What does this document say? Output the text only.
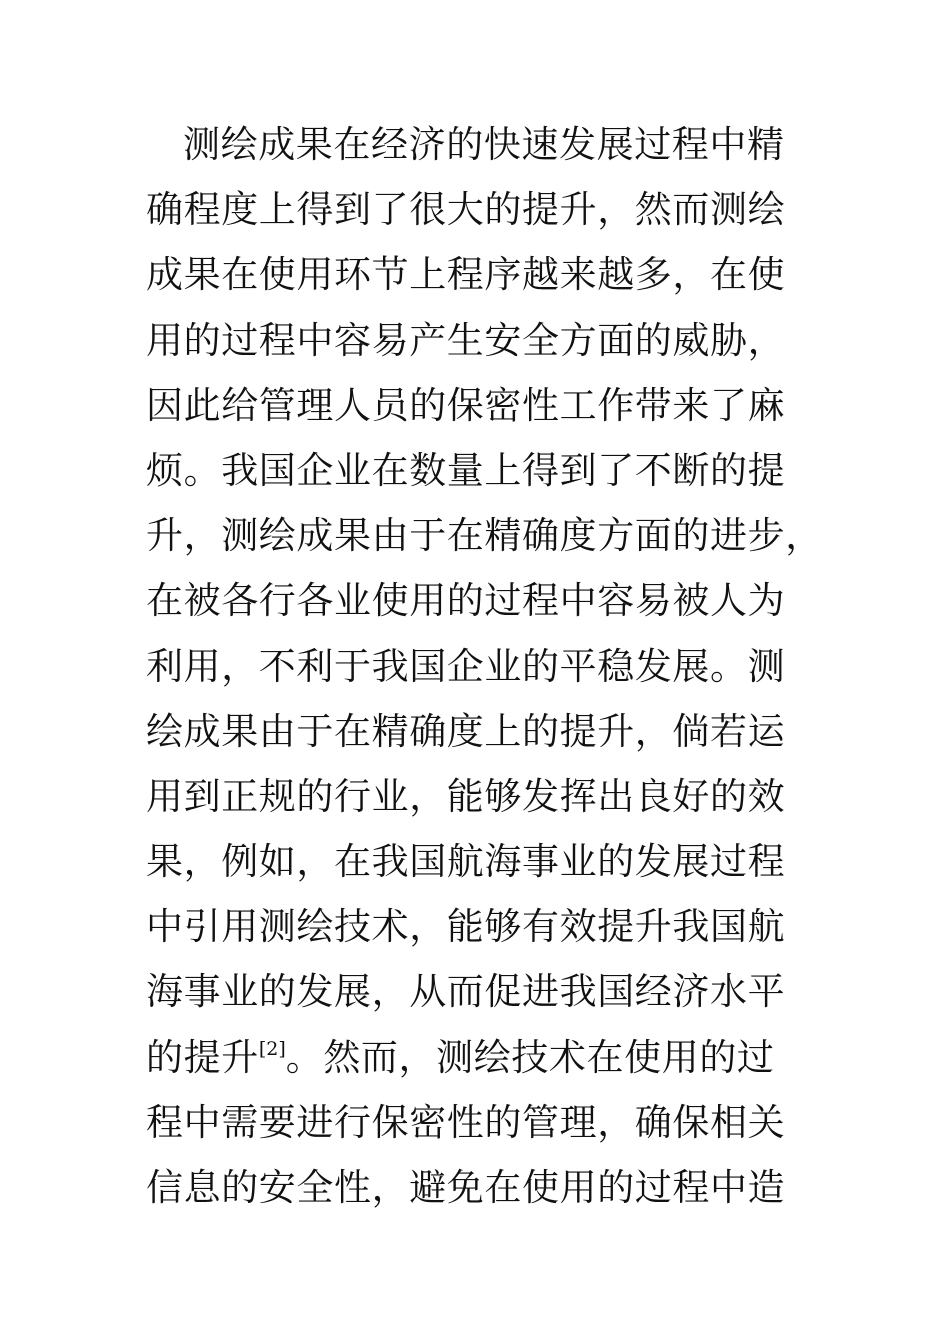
测绘成果在经济的快速发展过程中精
确程度上得到了很大的提升，然而测绘
成果在使用环节上程序越来越多，在使
用的过程中容易产生安全方面的威胁，
因此给管理人员的保密性工作带来了麻
烦。我国企业在数量上得到了不断的提
升，测绘成果由于在精确度方面的进步，
在被各行各业使用的过程中容易被人为
利用，不利于我国企业的平稳发展。测
绘成果由于在精确度上的提升，倘若运
用到正规的行业，能够发挥出良好的效
果，例如，在我国航海事业的发展过程
中引用测绘技术，能够有效提升我国航
海事业的发展，从而促进我国经济水平
的提升[2]。然而，测绘技术在使用的过
程中需要进行保密性的管理，确保相关
信息的安全性，避免在使用的过程中造
